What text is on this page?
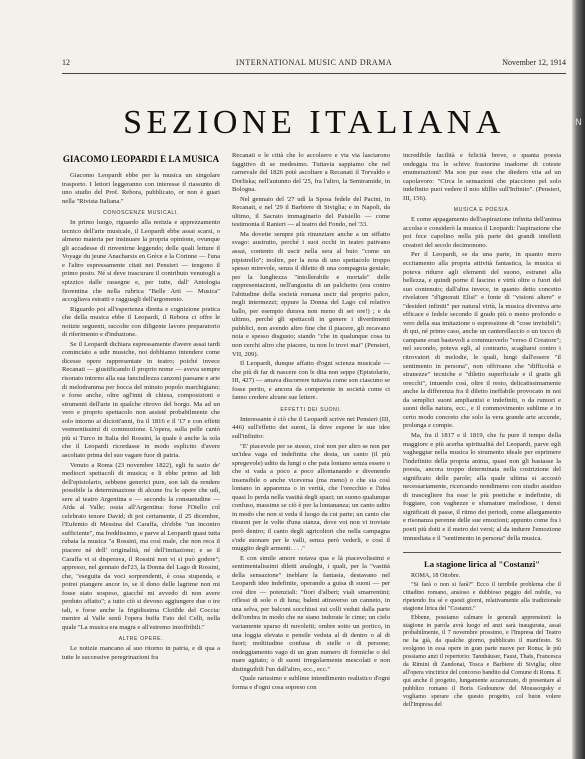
12	INTERNATIONAL MUSIC AND DRAMA	November 12, 1914
SEZIONE ITALIANA
GIACOMO LEOPARDI E LA MUSICA

Giacomo Leopardi ebbe per la musica un singolare trasporto. I lettori leggeranno con interesse il riassunto di uno studio del Prof. Rebora, pubblicato, or non è guari nella "Rivista Italiana."

CONOSCENZE MUSICALI.

In primo luogo, riguardo alla notizia e apprezzamento tecnico dell'arte musicale, il Leopardi ebbe assai scarsi, o almeno materia per insinuare la propria opinione, ovunque gli accadesse di rinvenirne leggendo; delle quali letture il Voyage du jeune Anacharsis en Grèce e la Corinne — l'una e l'altro espressamente citati nei Pensieri — tengono il primo posto. Né si deve trascurare il contributo venutogli a spizzico dalle rassegne e, per tutte, dall' Antologia fiorentina che nella rubrica "Belle Arti — Musica" accogliava estratti e ragguagli dell'argomento.

Riguardo poi all'esperienza diretta e cognizione pratica che della musica ebbe il Leopardi, il Rebora ci offre le notizie seguenti, raccolte con diligente lavoro preparatorio di riferimento e d'induzione.

Se il Leopardi dichiara espressamente d'avere assai tardi cominciato a udir musiche, noi dobbiamo intendere come dicesse opere rappresentate in teatro; poiché invece Recanati — giustificando il proprio nome — aveva sempre risonato intorno alla sua fanciullezza canzoni paesane e arie di melodramma per bocca del minuto popolo marchigiano; e forse anche, oltre agl'inni di chiesa, composizioni e strumenti dell'arte in qualche ritrovo del borgo. Ma ad un vero e proprio spettacolo non assisté probabilmente che solo intorno ai diciott'anni, fra il 1816 e il '17 e con effetti veementissimi di commozione. L'opera, sulla pelle cantò più si Turco in Italia del Rossini, la quale è anche la sola che il Leopardi ricordasse in modo esplicito d'avere ascoltato prima del suo vagare fuor di patria.

Venuto a Roma (23 novembre 1822), egli fu sazio de' mediocri spettacoli di musica; e li ebbe primo ad lidi dell'epistolario, sebbene generici pure, son tali da rendere possibile la determinazione di alcune fra le opere che udì, sere al teatro Argentina e — secondo la consuetudine — Aïda al Valle; ossia all'Argentina: forse l'Otello col celebrato tenore David; di poi certamente, il 25 dicembre, l'Eufemio di Messina del Caraffa, ch'ebbe "un incontro sufficiente", ma freddissimo, e parve al Leopardi quasi tutta rubata la musica "a Rossini, ma così male, che non reca il piacere né dell' originalità, né dell'imitazione; e se il Caraffa vi si disperava, il Rossini non vi si può godere"; appresso, nel gennaio del'23, la Donna del Lago di Rossini, che, "eseguita da voci sorprendenti, è cosa stupenda, e potrei piangere ancor io, se il dono delle lagrime non mi fosse stato sospeso, giacché mi avvedo di non avere perduto affatto"; a tutto ciò si devono aggiungere due o tre tali, e forse anche la frigidissima Clotilde del Coccia: mentre al Valle sentì l'opera buffa Fato del Celli, nella quale "La musica era magra e all'estremo insoffribili."

ALTRE OPERE.

Le notizie mancano al suo ritorno in patria, e di qua a tutte le successive peregrinazioni fra

Recanati e le città che lo accolsero e via via lasciarono faggitivo di se medesimo. Tuttavia sappiamo che nel carnevale del 1826 potè ascoltare a Recanati il Torvaldo e Dorliska; nell'autunno del '25, fra l'altro, la Semiramide, in Bologna.

Nel gennaio del '27 udì la Sposa fedele del Pacini, in Recanati, e nel '29 il Barbiere di Siviglia; e in Napoli, da ultimo, il Sacrato immaginario del Paisiello — come testimonia il Ranieri — al teatro del Fondo, nel '33.

Ma dovette sempre più rinunziare anche a un siffatto svago: austruito, perché i suoi occhi in teatro pativano assai, contento di uscir nella sera al buio "come un pipistrello"; inoltre, per la noia di uno spettacolo troppo spesso mirevole, senza il diletto di una compagnia geniale; per la lunghezza "intollerabile e mortale" delle rappresentazioni, nell'angustia di un palchetto (era contro l'abitudine della società romana uscir dal proprio palco, negli intermezzi; eppure la Donna del Lago col relativo ballo, per esempio durava non meno di sei ore!) ; e da ultimo, perché gli spettacoli in genere i divertimenti pubblici, non avendo altro fine che il piacere, gli recavano noia e spesso disgusto; stando "che in qualunque cosa tu non cerchi altro che piacere, tu non lo trovi mai" (Pensieri, VII, 209).

Il Leopardi, dunque affatto d'ogni scienza musicale — che più di far di nascere con le dita non seppe (Epistolario, III, 427) — amava discorrere tuttavia come son ciascuno se fosse perito, e ancora da competente in società come ci fanno credere alcune sue lettere.

EFFETTI DEI SUONI.

Interessante è ciò che il Leopardi scrive nei Pensieri (III, 446) sull'effetto dei suoni, là dove espone le sue idee sull'infinito:

"E' piacevole per se stesso, cioè non per altro se non per un'idea vaga ed indefinita che desta, un canto (il più spregevole) udito da lungi o che paia lontano senza essere o che si vada a poco a poco allontanando e divenendo insensibile o anche viceversa (ma meno) o che sia così lontano in apparenza o in verità, che l'orecchio e l'idea quasi lo perda nella vastità degli spazi; un suono qualunque confuso, massime se ciò è per la lontananza; un canto udito in modo che non si veda il luogo da cui parte; un canto che risuoni per le volte d'una stanza, dove voi non vi troviate però dentro; il canto degli agricoltori che nella campagna s'ode suonare per le valli, senza però vederli, e così il muggito degli armenti. . . ."

E con simile amore notava qua e là piacevolissimi e sentimentalissimi diletti analoghi, i quali, per la "vastità della sensazione" ineblare la fantasia, destavano nel Leopardi idee indefinite, operando a guisa di suoni — per così dire — potenziali: "fiori d'alberi; viali smarrentini; riflessi di sole o di luna; baleni attraverso un canneto, in una selva, per balconi socchiusi sui colli veduti dalla parte dell'ombra in modo che ne siano indorate le cime; un cielo variamente sparso di nuvoletti; ombre sotto un portico, in una loggia elevata e pensile veduta al di dentro o al di fuori; moltitudine confusa di stelle o di persone; ondeggiamento vago di un gran numero di formiche o del mare agitato; o di suoni irregolarmente mescolati e non distinguibili l'un dall'altro, ecc., ecc."

Quale rarissimo e sublime intendimento realistico d'ogni forma e d'ogni cosa sopreso con

incredibile facilità e felicità breve, e quanta poesia ondeggia tra le schive frastorine inadorne di coteste enumerazioni! Ma son pur esse che diedero vita ad un capolavoro: "Circa le sensazioni che piacciono pel solo indefinito puoi vedere il mio idillio sull'Infinito". (Pensieri, III, 156).

MUSICA E POESIA.

E come appagamento dell'aspirazione infinita dell'anima accolse e considerò la musica il Leopardi: l'aspirazione che poi fece capolino nella più parte dei grandi intelletti creatori del secolo decimonono.

Per il Leopardi, se da una parte, in quanto mero eccitamento alla propria attività fantastica, la musica si poteva ridurre agli elementi del suono, estranei alla bellezza, e quindi porne il fascino e virtù oltre o fuori del suo contenuto; dall'altra invece, in quanto detto concetto rivelatore "d'ignorati Elisi" e fonte di "visioni altere" e "desideri infiniti" per natural virtù, la musica diveniva arte efficace e fedele secondo il grado più o meno profondo e vero della sua imitazione o espressione di "cose invisibili"; di qui, né primo caso, anche un canterellaccio o un tocco di campane eran bastevoli a commuoverlo "verso il Creatore"; nel secondo, poteva egli, al contrario, scagliarsi contro i ritrovatori di melodie, le quali, lungi dall'essere "il sentimento in persona", non offrivano che "difficoltà e stranezze" tecniche e "diletto superficiale e il gratis gli orecchi", intuendo così, oltre il resto, delicatissimamente anche la differenza fra il diletto ineffabile provocato in noi da semplici suoni ampliantisi e indefiniti, o da rumori e suoni della natura, ecc., e il commovimento sublime e in certo modo concreto che solo la vera grande arte accende, prolunga e compie.

Ma, fra il 1817 e il 1819, che fu pure il tempo della maggiore e più acerba spiritualità del Leopardi, parve egli vagheggiar nella musica lo strumento ideale per esprimere l'indefinito della propria anima, quasi non gli bastasse la poesia, ancora troppo determinata nella costrizione del significato delle parole; alla quale ultima si accostò necessariamente, ricercando nondimeno con studio assiduo di trascegliere fra esse le più poetiche e indefinite, di foggiare, con vaghezze e sfumature melodiose, i densi significati di passe, il ritmo dei periodi, come allargamento e risonanza perenne delle sue emozioni; appunto come fra i poeti più dotti e il metro dei versi; al da indurre l'emozione immediata e il "sentimento in persona" della musica.

La stagione lirica al "Costanzi"

ROMA, 18 Ottobre.

"Si farà o non si farà?" Ecco il terribile problema che il cittadino romano, ansioso e dubbioso peggio del nubile, va ripetendo fra sé e questi giorni, relativamente alla tradizionale stagione lirica del "Costanzi."

Ebbene, possiamo calmare le generali apprensioni: la stagione in parola avrà luogo ed anzi sarà inaugurata, assai probabilmente, il 7 novembre prossimo, e l'Impresa del Teatro ne ha già, da qualche giorno, pubblicato il manifesto. Si svolgono in essa opere in gran parte nuove per Roma; le più possiamo anzi il repertorio: Tannhäuser, Faust, Thaïs, Francesca da Rimini di Zandonai, Tosca e Barbiere di Siviglia; oltre all'opera vincitrice del concorso bandito dal Comune di Roma. E qui anche il progetto, lungamente accarezzato, di presentare al pubblico romano il Boris Godounow del Moussorgsky e vogliamo sperare che questo progetto, col buon volere dell'Impresa del

N
